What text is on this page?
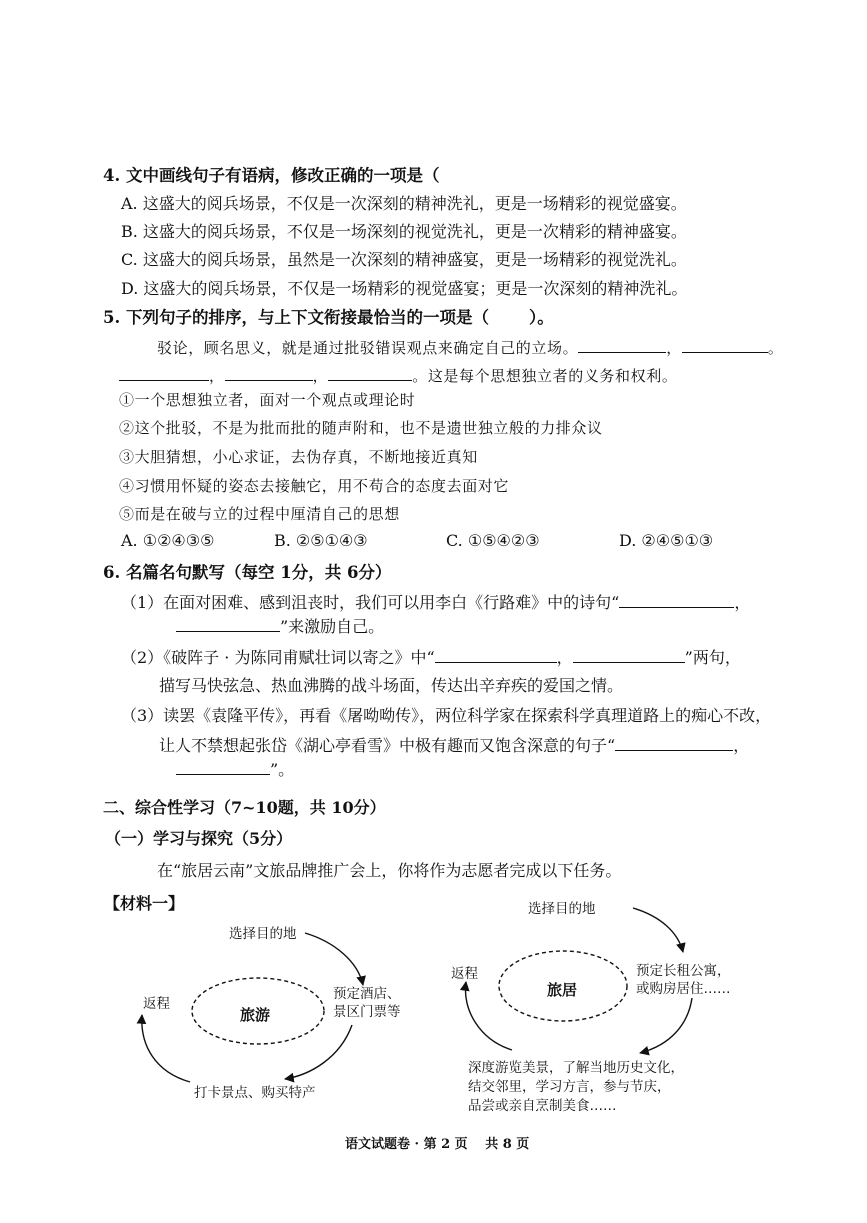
4. 文中画线句子有语病，修改正确的一项是（
A. 这盛大的阅兵场景，不仅是一次深刻的精神洗礼，更是一场精彩的视觉盛宴。
B. 这盛大的阅兵场景，不仅是一场深刻的视觉洗礼，更是一次精彩的精神盛宴。
C. 这盛大的阅兵场景，虽然是一次深刻的精神盛宴，更是一场精彩的视觉洗礼。
D. 这盛大的阅兵场景，不仅是一场精彩的视觉盛宴；更是一次深刻的精神洗礼。
5. 下列句子的排序，与上下文衔接最恰当的一项是（ ）。
驳论，顾名思义，就是通过批驳错误观点来确定自己的立场。	，	。
，	，	。这是每个思想独立者的义务和权利。
①一个思想独立者，面对一个观点或理论时
②这个批驳，不是为批而批的随声附和，也不是遗世独立般的力排众议
③大胆猜想，小心求证，去伪存真，不断地接近真知
④习惯用怀疑的姿态去接触它，用不苟合的态度去面对它
⑤而是在破与立的过程中厘清自己的思想
A. ①②④③⑤	B. ②⑤①④③	C. ①⑤④②③	D. ②④⑤①③
6. 名篇名句默写（每空 1分，共 6分）
（1）在面对困难、感到沮丧时，我们可以用李白《行路难》中的诗句“	，
”来激励自己。
（2）《破阵子 · 为陈同甫赋壮词以寄之》中“	，	”两句，
描写马快弦急、热血沸腾的战斗场面，传达出辛弃疾的爱国之情。
（3）读罢《袁隆平传》，再看《屠呦呦传》，两位科学家在探索科学真理道路上的痴心不改，
让人不禁想起张岱《湖心亭看雪》中极有趣而又饱含深意的句子“	，
”。
二、综合性学习（7~10题，共 10分）
（一）学习与探究（5分）
在“旅居云南”文旅品牌推广会上，你将作为志愿者完成以下任务。
【材料一】
旅游
选择目的地
预定酒店、
景区门票等
打卡景点、购买特产
返程
旅居
选择目的地
预定长租公寓，
或购房居住……
深度游览美景，了解当地历史文化，
结交邻里，学习方言，参与节庆，
品尝或亲自烹制美食……
返程
语文试题卷 · 第 2 页　 共 8 页
